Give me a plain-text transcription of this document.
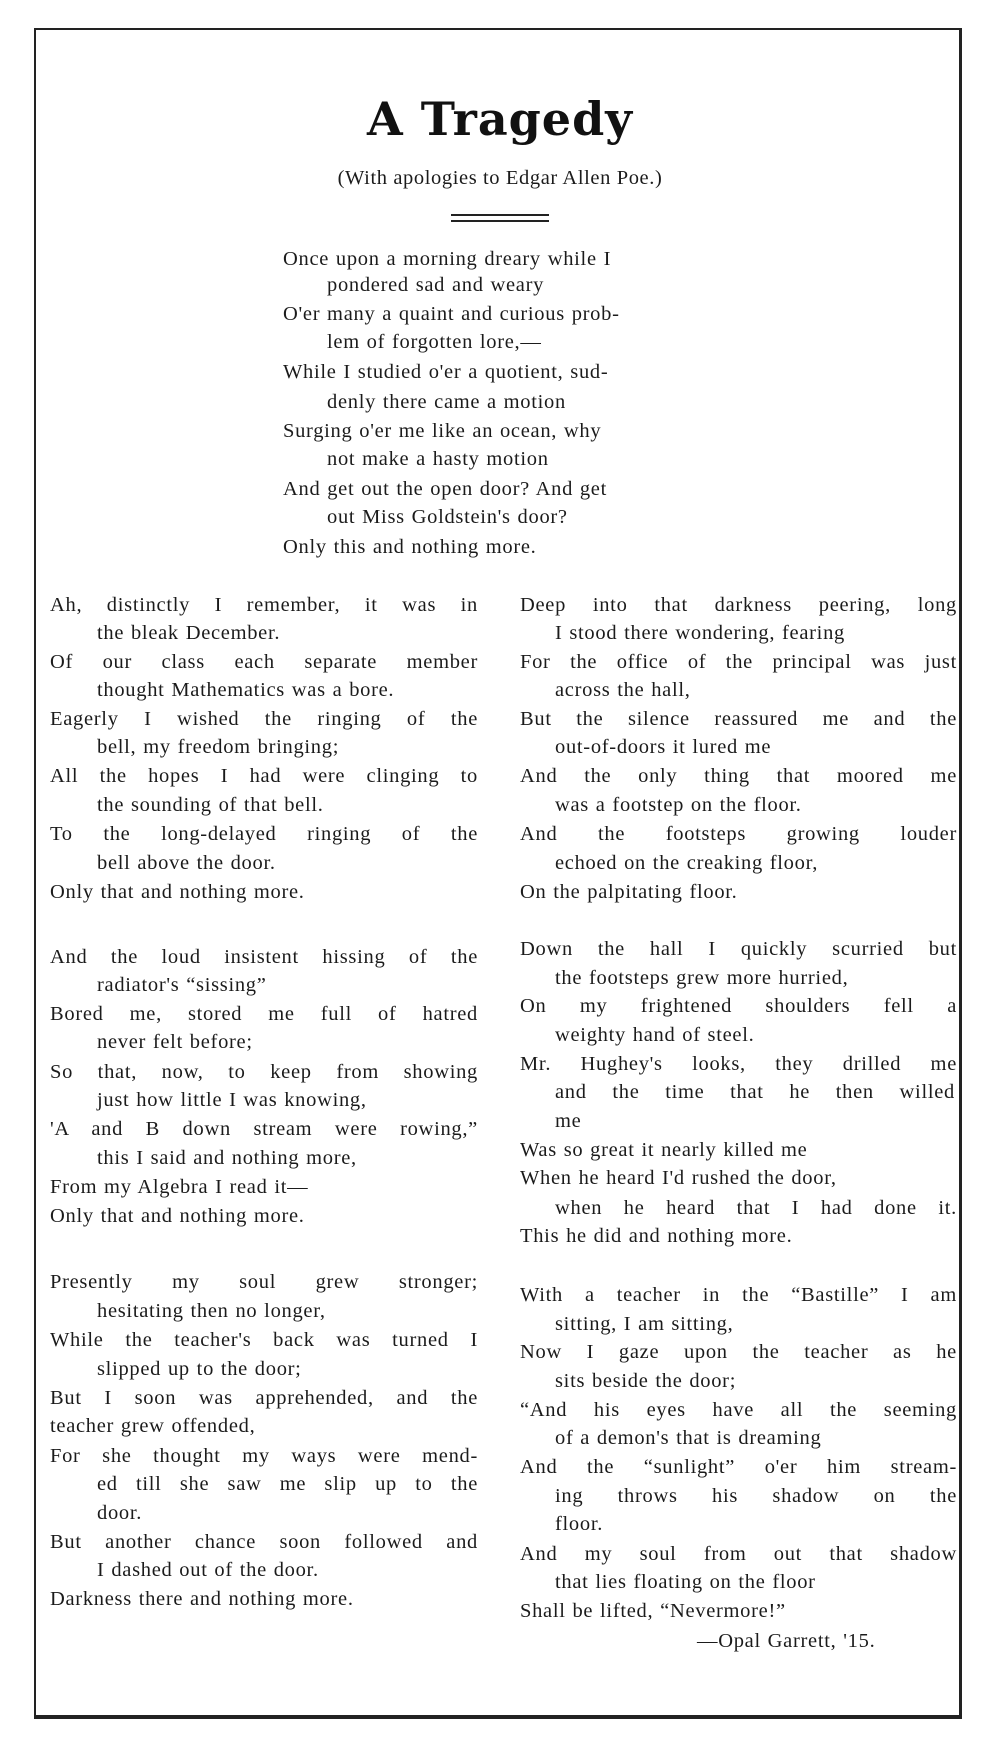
A Tragedy
(With apologies to Edgar Allen Poe.)
Once upon a morning dreary while I
pondered sad and weary
O'er many a quaint and curious prob-
lem of forgotten lore,—
While I studied o'er a quotient, sud-
denly there came a motion
Surging o'er me like an ocean, why
not make a hasty motion
And get out the open door? And get
out Miss Goldstein's door?
Only this and nothing more.
Ah, distinctly I remember, it was in
the bleak December.
Of our class each separate member
thought Mathematics was a bore.
Eagerly I wished the ringing of the
bell, my freedom bringing;
All the hopes I had were clinging to
the sounding of that bell.
To the long-delayed ringing of the
bell above the door.
Only that and nothing more.
And the loud insistent hissing of the
radiator's “sissing”
Bored me, stored me full of hatred
never felt before;
So that, now, to keep from showing
just how little I was knowing,
'A and B down stream were rowing,”
this I said and nothing more,
From my Algebra I read it—
Only that and nothing more.
Presently my soul grew stronger;
hesitating then no longer,
While the teacher's back was turned I
slipped up to the door;
But I soon was apprehended, and the
teacher grew offended,
For she thought my ways were mend-
ed till she saw me slip up to the
door.
But another chance soon followed and
I dashed out of the door.
Darkness there and nothing more.
Deep into that darkness peering, long
I stood there wondering, fearing
For the office of the principal was just
across the hall,
But the silence reassured me and the
out-of-doors it lured me
And the only thing that moored me
was a footstep on the floor.
And the footsteps growing louder
echoed on the creaking floor,
On the palpitating floor.
Down the hall I quickly scurried but
the footsteps grew more hurried,
On my frightened shoulders fell a
weighty hand of steel.
Mr. Hughey's looks, they drilled me
and the time that he then willed
me
Was so great it nearly killed me
When he heard I'd rushed the door,
when he heard that I had done it.
This he did and nothing more.
With a teacher in the “Bastille” I am
sitting, I am sitting,
Now I gaze upon the teacher as he
sits beside the door;
“And his eyes have all the seeming
of a demon's that is dreaming
And the “sunlight” o'er him stream-
ing throws his shadow on the
floor.
And my soul from out that shadow
that lies floating on the floor
Shall be lifted, “Nevermore!”
—Opal Garrett, '15.
